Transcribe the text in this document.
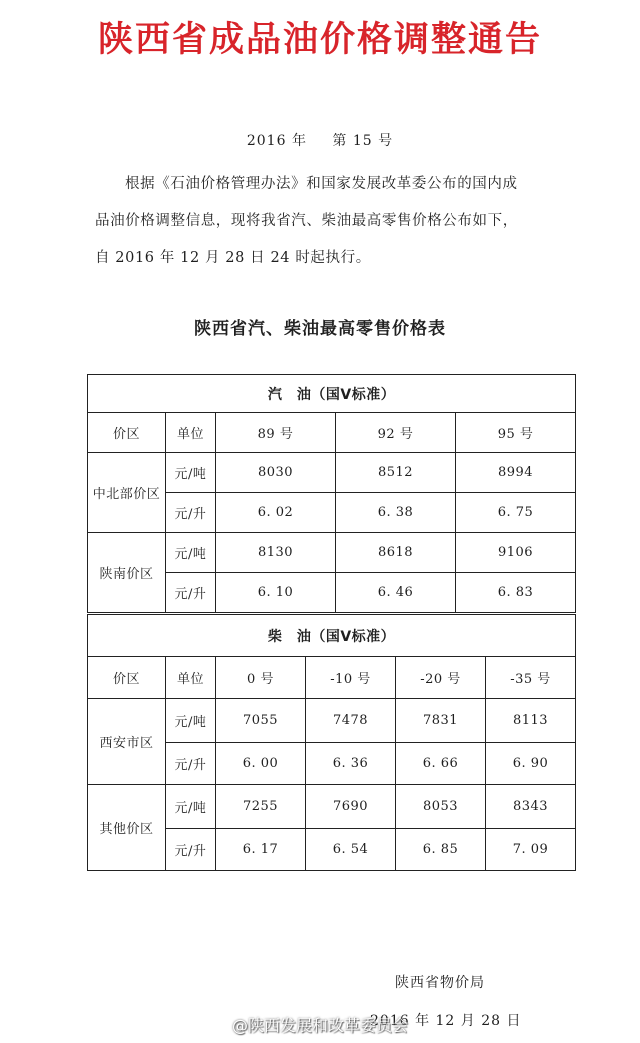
陕西省成品油价格调整通告
2016 年 第 15 号

根据《石油价格管理办法》和国家发展改革委公布的国内成

品油价格调整信息，现将我省汽、柴油最高零售价格公布如下，

自 2016 年 12 月 28 日 24 时起执行。

陕西省汽、柴油最高零售价格表
汽　油（国Ⅴ标准）				
价区	单位	89 号	92 号	95 号
中北部价区	元/吨	8030	8512	8994
	元/升	6. 02	6. 38	6. 75
陕南价区	元/吨	8130	8618	9106
	元/升	6. 10	6. 46	6. 83
柴　油（国Ⅴ标准）					
价区	单位	0 号	-10 号	-20 号	-35 号
西安市区	元/吨	7055	7478	7831	8113
	元/升	6. 00	6. 36	6. 66	6. 90
其他价区	元/吨	7255	7690	8053	8343
	元/升	6. 17	6. 54	6. 85	7. 09
陕西省物价局
2016 年 12 月 28 日
@陕西发展和改革委员会
